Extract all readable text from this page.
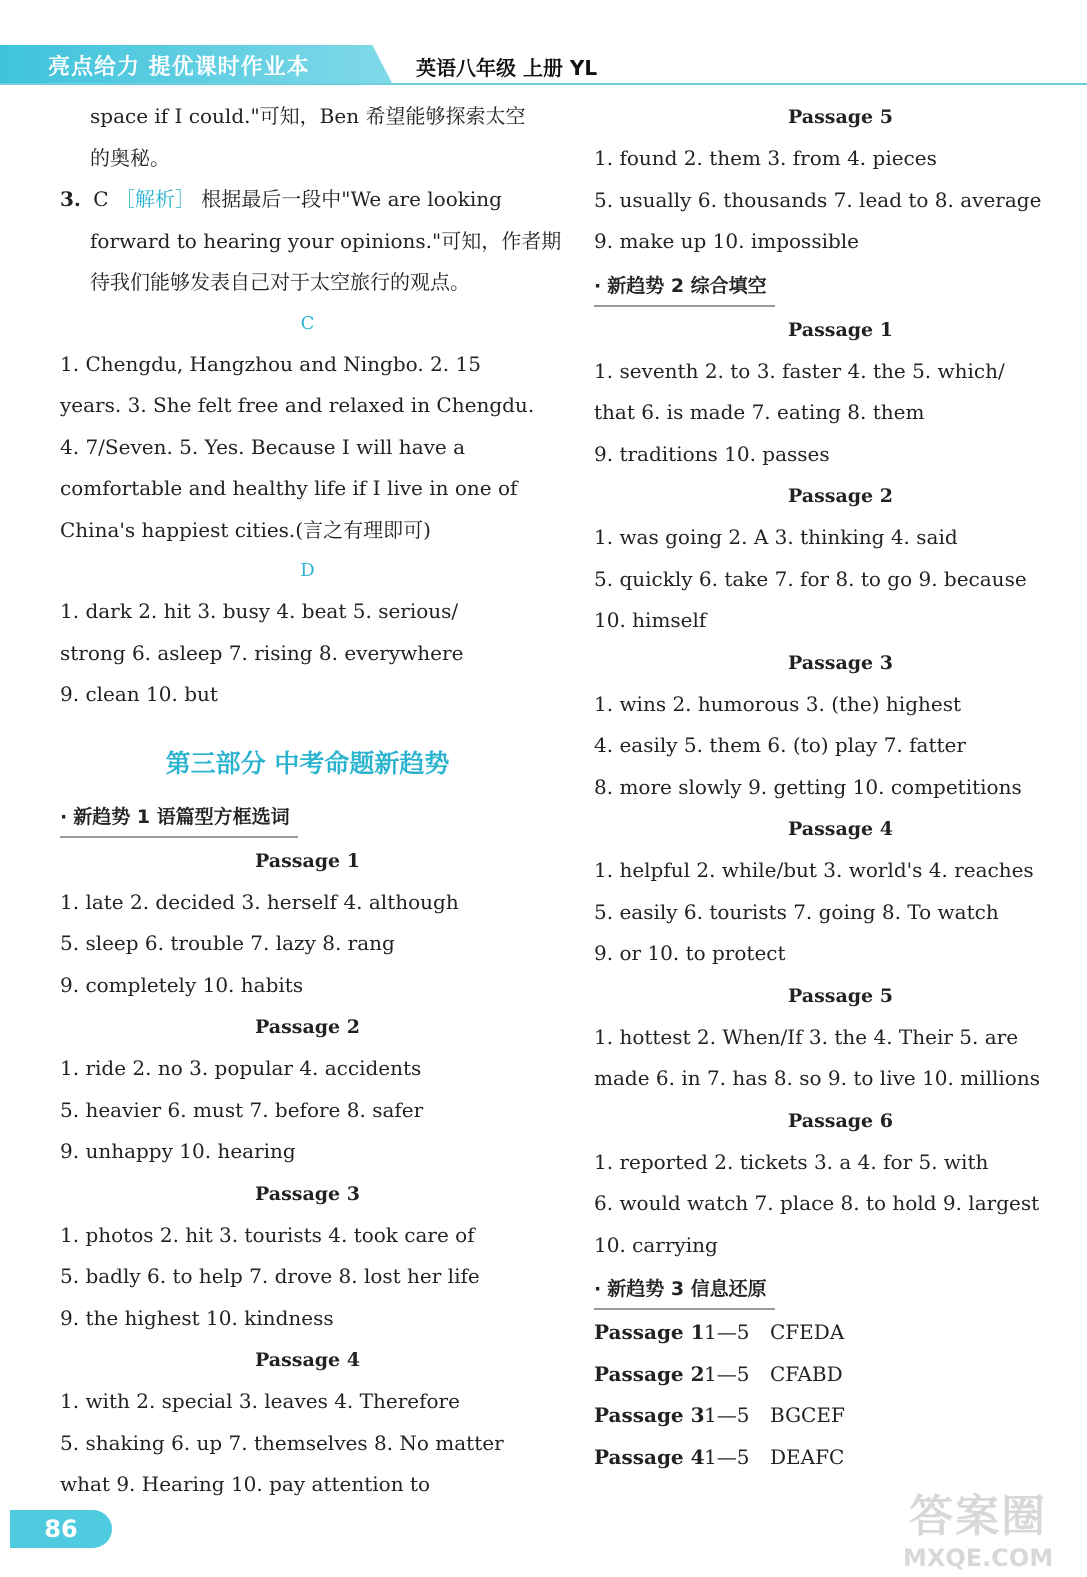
亮点给力 提优课时作业本	英语八年级 上册 YL
space if I could."可知，Ben 希望能够探索太空
的奥秘。
3. C ［解析］ 根据最后一段中"We are looking
forward to hearing your opinions."可知，作者期
待我们能够发表自己对于太空旅行的观点。
C
1. Chengdu, Hangzhou and Ningbo. 2. 15
years. 3. She felt free and relaxed in Chengdu.
4. 7/Seven. 5. Yes. Because I will have a
comfortable and healthy life if I live in one of
China's happiest cities.(言之有理即可)
D
1. dark 2. hit 3. busy 4. beat 5. serious/
strong 6. asleep 7. rising 8. everywhere
9. clean 10. but
第三部分 中考命题新趋势
· 新趋势 1 语篇型方框选词
Passage 1
1. late 2. decided 3. herself 4. although
5. sleep 6. trouble 7. lazy 8. rang
9. completely 10. habits
Passage 2
1. ride 2. no 3. popular 4. accidents
5. heavier 6. must 7. before 8. safer
9. unhappy 10. hearing
Passage 3
1. photos 2. hit 3. tourists 4. took care of
5. badly 6. to help 7. drove 8. lost her life
9. the highest 10. kindness
Passage 4
1. with 2. special 3. leaves 4. Therefore
5. shaking 6. up 7. themselves 8. No matter
what 9. Hearing 10. pay attention to
Passage 5
1. found 2. them 3. from 4. pieces
5. usually 6. thousands 7. lead to 8. average
9. make up 10. impossible
· 新趋势 2 综合填空
Passage 1
1. seventh 2. to 3. faster 4. the 5. which/
that 6. is made 7. eating 8. them
9. traditions 10. passes
Passage 2
1. was going 2. A 3. thinking 4. said
5. quickly 6. take 7. for 8. to go 9. because
10. himself
Passage 3
1. wins 2. humorous 3. (the) highest
4. easily 5. them 6. (to) play 7. fatter
8. more slowly 9. getting 10. competitions
Passage 4
1. helpful 2. while/but 3. world's 4. reaches
5. easily 6. tourists 7. going 8. To watch
9. or 10. to protect
Passage 5
1. hottest 2. When/If 3. the 4. Their 5. are
made 6. in 7. has 8. so 9. to live 10. millions
Passage 6
1. reported 2. tickets 3. a 4. for 5. with
6. would watch 7. place 8. to hold 9. largest
10. carrying
· 新趋势 3 信息还原
Passage 1 1—5	CFEDA
Passage 2 1—5	CFABD
Passage 3 1—5	BGCEF
Passage 4 1—5	DEAFC
86	答案圈
MXQE.COM
